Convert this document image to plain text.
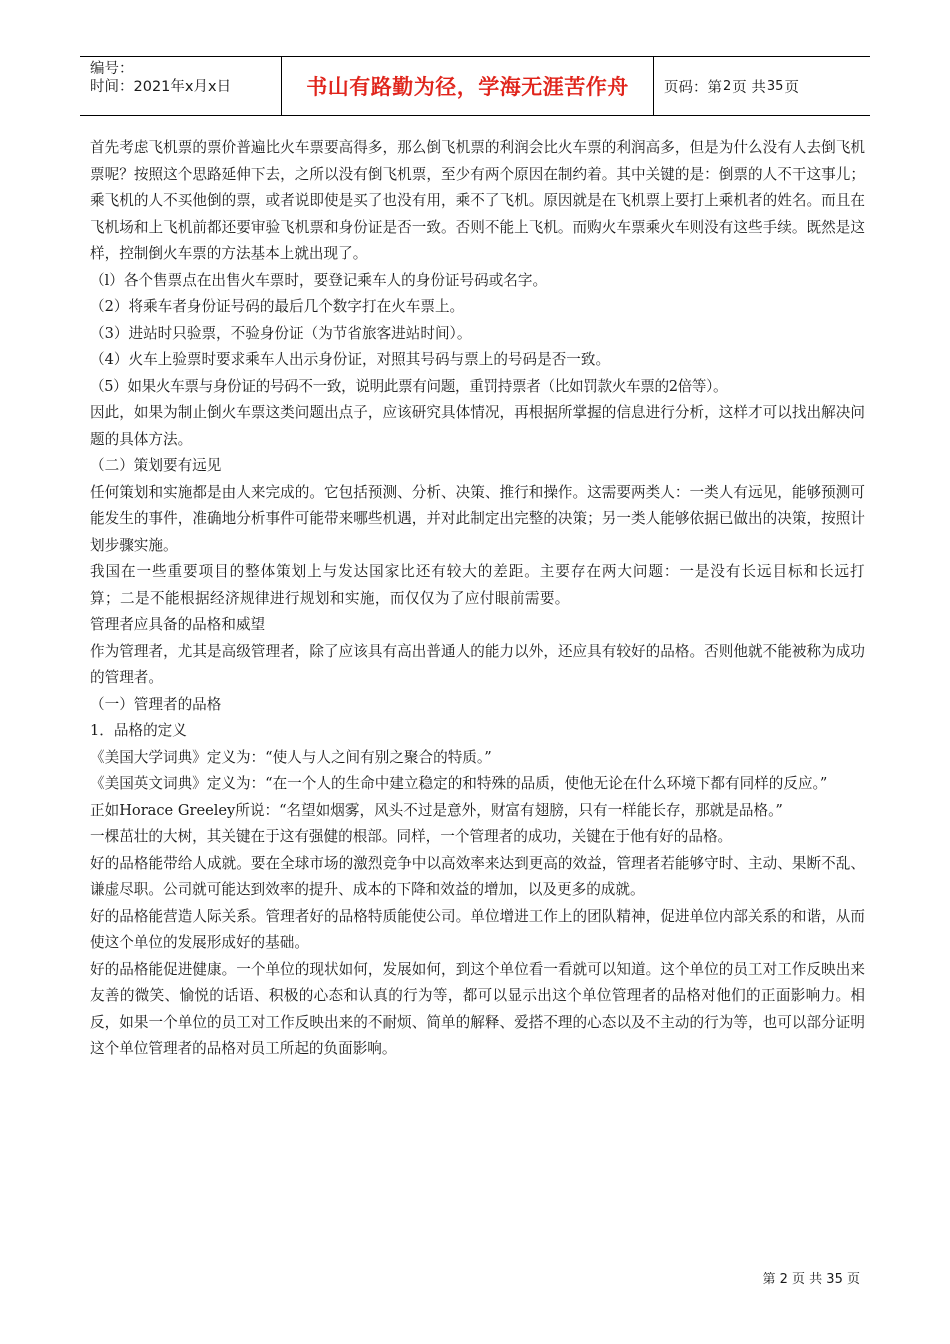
编号：
时间：2021年x月x日	书山有路勤为径，学海无涯苦作舟	页码： 第 2 页 共 35 页

首先考虑飞机票的票价普遍比火车票要高得多，那么倒飞机票的利润会比火车票的利润高多，但是为什么没有人去倒飞机票呢？按照这个思路延伸下去，之所以没有倒飞机票，至少有两个原因在制约着。其中关键的是：倒票的人不干这事儿；乘飞机的人不买他倒的票，或者说即使是买了也没有用，乘不了飞机。原因就是在飞机票上要打上乘机者的姓名。而且在飞机场和上飞机前都还要审验飞机票和身份证是否一致。否则不能上飞机。而购火车票乘火车则没有这些手续。既然是这样，控制倒火车票的方法基本上就出现了。

（l）各个售票点在出售火车票时，要登记乘车人的身份证号码或名字。

（2）将乘车者身份证号码的最后几个数字打在火车票上。

（3）进站时只验票，不验身份证（为节省旅客进站时间）。

（4）火车上验票时要求乘车人出示身份证，对照其号码与票上的号码是否一致。

（5）如果火车票与身份证的号码不一致，说明此票有问题，重罚持票者（比如罚款火车票的2倍等）。

因此，如果为制止倒火车票这类问题出点子，应该研究具体情况，再根据所掌握的信息进行分析，这样才可以找出解决问题的具体方法。

（二）策划要有远见

任何策划和实施都是由人来完成的。它包括预测、分析、决策、推行和操作。这需要两类人：一类人有远见，能够预测可能发生的事件，准确地分析事件可能带来哪些机遇，并对此制定出完整的决策；另一类人能够依据已做出的决策，按照计划步骤实施。

我国在一些重要项目的整体策划上与发达国家比还有较大的差距。主要存在两大问题：一是没有长远目标和长远打算；二是不能根据经济规律进行规划和实施，而仅仅为了应付眼前需要。

管理者应具备的品格和威望

作为管理者，尤其是高级管理者，除了应该具有高出普通人的能力以外，还应具有较好的品格。否则他就不能被称为成功的管理者。

（一）管理者的品格

1．品格的定义

《美国大学词典》定义为：“使人与人之间有别之聚合的特质。”

《美国英文词典》定义为：“在一个人的生命中建立稳定的和特殊的品质，使他无论在什么环境下都有同样的反应。”

正如Horace Greeley所说：“名望如烟雾，风头不过是意外，财富有翅膀，只有一样能长存，那就是品格。”

一棵茁壮的大树，其关键在于这有强健的根部。同样，一个管理者的成功，关键在于他有好的品格。

好的品格能带给人成就。要在全球市场的激烈竞争中以高效率来达到更高的效益，管理者若能够守时、主动、果断不乱、谦虚尽职。公司就可能达到效率的提升、成本的下降和效益的增加，以及更多的成就。

好的品格能营造人际关系。管理者好的品格特质能使公司。单位增进工作上的团队精神，促进单位内部关系的和谐，从而使这个单位的发展形成好的基础。

好的品格能促进健康。一个单位的现状如何，发展如何，到这个单位看一看就可以知道。这个单位的员工对工作反映出来友善的微笑、愉悦的话语、积极的心态和认真的行为等，都可以显示出这个单位管理者的品格对他们的正面影响力。相反，如果一个单位的员工对工作反映出来的不耐烦、简单的解释、爱搭不理的心态以及不主动的行为等，也可以部分证明这个单位管理者的品格对员工所起的负面影响。

第 2 页 共 35 页
